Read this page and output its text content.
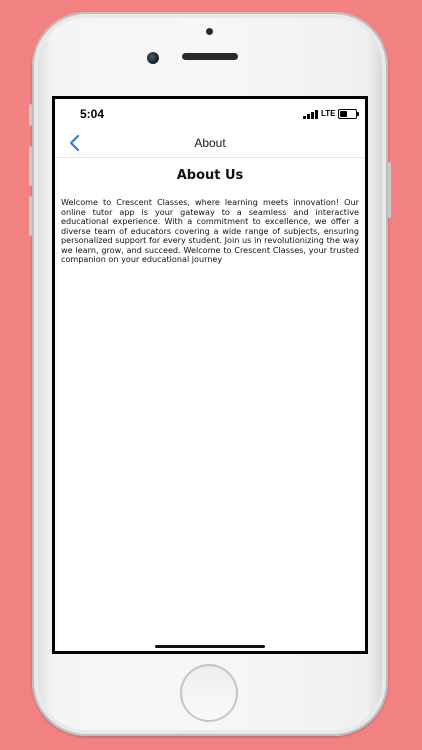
5:04	LTE
About
About Us
Welcome to Crescent Classes, where learning meets innovation! Our online tutor app is your gateway to a seamless and interactive educational experience. With a commitment to excellence, we offer a diverse team of educators covering a wide range of subjects, ensuring personalized support for every student. Join us in revolutionizing the way we learn, grow, and succeed. Welcome to Crescent Classes, your trusted companion on your educational journey
